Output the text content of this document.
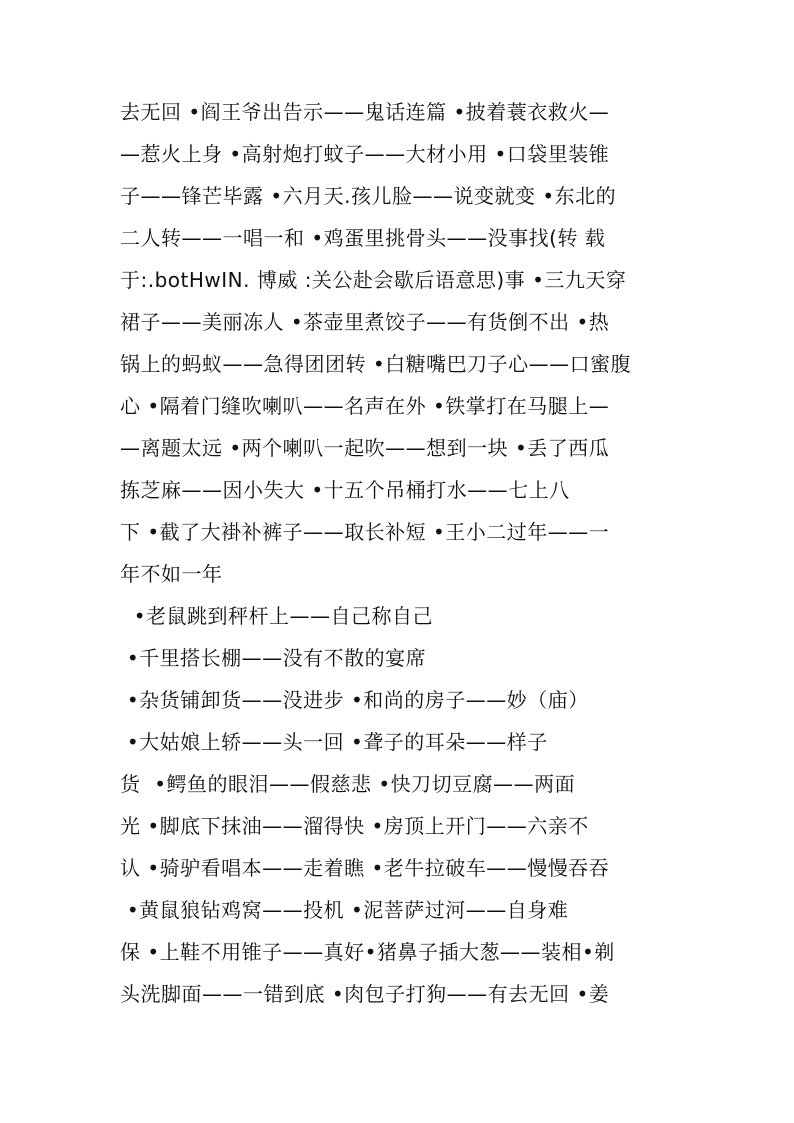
去无回 •阎王爷出告示——鬼话连篇 •披着蓑衣救火—
—惹火上身 •高射炮打蚊子——大材小用 •口袋里装锥
子——锋芒毕露 •六月天.孩儿脸——说变就变 •东北的
二人转——一唱一和 •鸡蛋里挑骨头——没事找(转 载
于:.botHwIN. 博威 :关公赴会歇后语意思)事 •三九天穿
裙子——美丽冻人 •茶壶里煮饺子——有货倒不出 •热
锅上的蚂蚁——急得团团转 •白糖嘴巴刀子心——口蜜腹
心 •隔着门缝吹喇叭——名声在外 •铁掌打在马腿上—
—离题太远 •两个喇叭一起吹——想到一块 •丢了西瓜
拣芝麻——因小失大 •十五个吊桶打水——七上八
下 •截了大褂补裤子——取长补短 •王小二过年——一
年不如一年
•老鼠跳到秤杆上——自己称自己
•千里搭长棚——没有不散的宴席
•杂货铺卸货——没进步 •和尚的房子——妙（庙）
•大姑娘上轿——头一回 •聋子的耳朵——样子
货  •鳄鱼的眼泪——假慈悲 •快刀切豆腐——两面
光 •脚底下抹油——溜得快 •房顶上开门——六亲不
认 •骑驴看唱本——走着瞧 •老牛拉破车——慢慢吞吞
•黄鼠狼钻鸡窝——投机 •泥菩萨过河——自身难
保 •上鞋不用锥子——真好•猪鼻子插大葱——装相•剃
头洗脚面——一错到底 •肉包子打狗——有去无回 •姜
